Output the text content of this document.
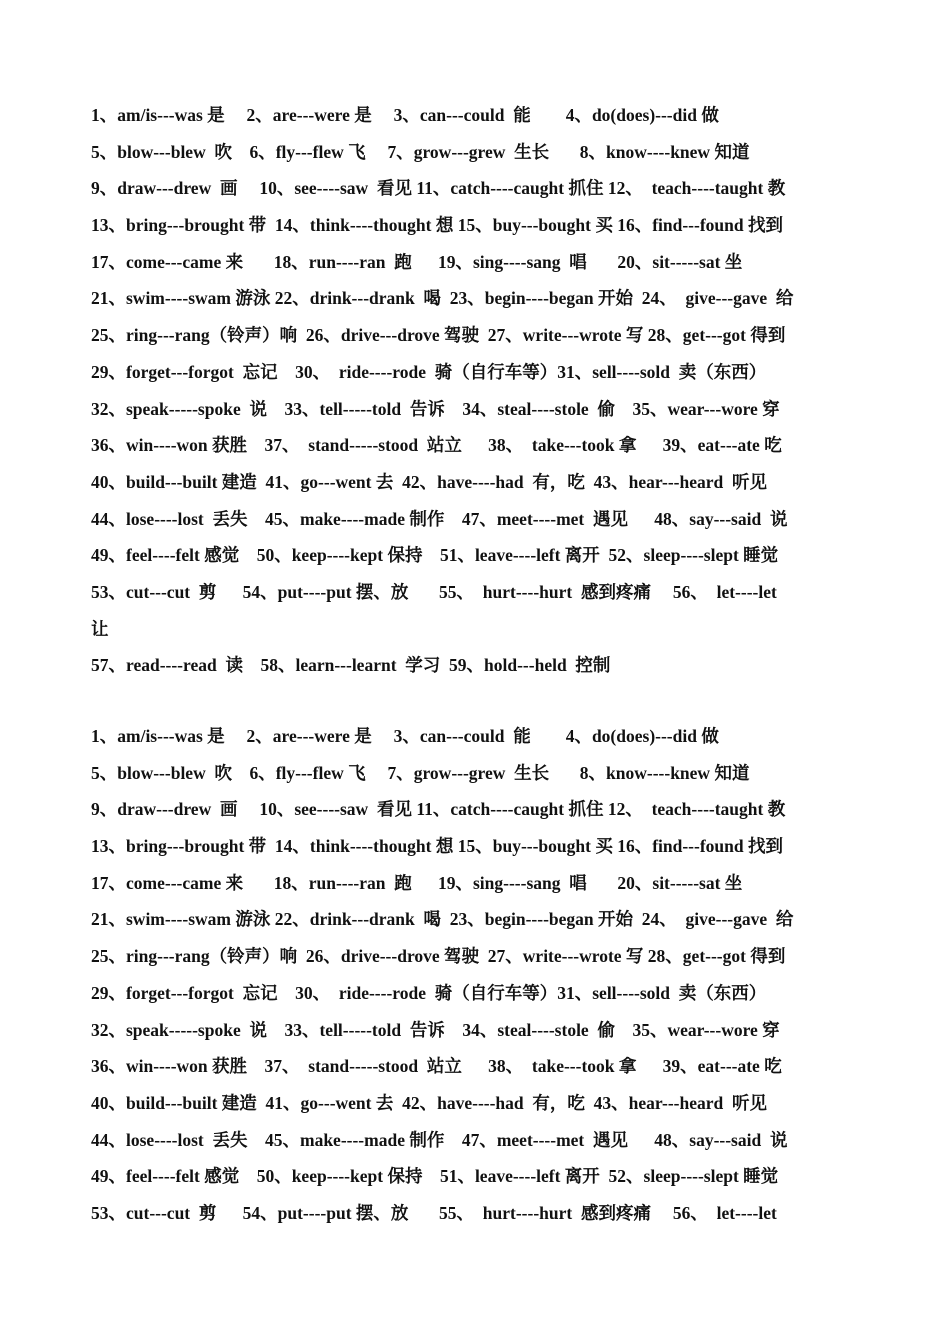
1、am/is---was 是     2、are---were 是     3、can---could  能        4、do(does)---did 做
5、blow---blew  吹    6、fly---flew 飞     7、grow---grew  生长       8、know----knew 知道
9、draw---drew  画     10、see----saw  看见 11、catch----caught 抓住 12、  teach----taught 教
13、bring---brought 带  14、think----thought 想 15、buy---bought 买 16、find---found 找到
17、come---came 来       18、run----ran  跑      19、sing----sang  唱       20、sit-----sat 坐
21、swim----swam 游泳 22、drink---drank  喝  23、begin----began 开始  24、  give---gave  给
25、ring---rang（铃声）响  26、drive---drove 驾驶  27、write---wrote 写 28、get---got 得到
29、forget---forgot  忘记    30、  ride----rode  骑（自行车等）31、sell----sold  卖（东西）
32、speak-----spoke  说    33、tell-----told  告诉    34、steal----stole  偷    35、wear---wore 穿
36、win----won 获胜    37、  stand-----stood  站立      38、  take---took 拿      39、eat---ate 吃
40、build---built 建造  41、go---went 去  42、have----had  有，吃  43、hear---heard  听见
44、lose----lost  丢失    45、make----made 制作    47、meet----met  遇见      48、say---said  说
49、feel----felt 感觉    50、keep----kept 保持    51、leave----left 离开  52、sleep----slept 睡觉
53、cut---cut  剪      54、put----put 摆、放       55、  hurt----hurt  感到疼痛     56、  let----let
让
57、read----read  读    58、learn---learnt  学习  59、hold---held  控制
1、am/is---was 是     2、are---were 是     3、can---could  能        4、do(does)---did 做
5、blow---blew  吹    6、fly---flew 飞     7、grow---grew  生长       8、know----knew 知道
9、draw---drew  画     10、see----saw  看见 11、catch----caught 抓住 12、  teach----taught 教
13、bring---brought 带  14、think----thought 想 15、buy---bought 买 16、find---found 找到
17、come---came 来       18、run----ran  跑      19、sing----sang  唱       20、sit-----sat 坐
21、swim----swam 游泳 22、drink---drank  喝  23、begin----began 开始  24、  give---gave  给
25、ring---rang（铃声）响  26、drive---drove 驾驶  27、write---wrote 写 28、get---got 得到
29、forget---forgot  忘记    30、  ride----rode  骑（自行车等）31、sell----sold  卖（东西）
32、speak-----spoke  说    33、tell-----told  告诉    34、steal----stole  偷    35、wear---wore 穿
36、win----won 获胜    37、  stand-----stood  站立      38、  take---took 拿      39、eat---ate 吃
40、build---built 建造  41、go---went 去  42、have----had  有，吃  43、hear---heard  听见
44、lose----lost  丢失    45、make----made 制作    47、meet----met  遇见      48、say---said  说
49、feel----felt 感觉    50、keep----kept 保持    51、leave----left 离开  52、sleep----slept 睡觉
53、cut---cut  剪      54、put----put 摆、放       55、  hurt----hurt  感到疼痛     56、  let----let
